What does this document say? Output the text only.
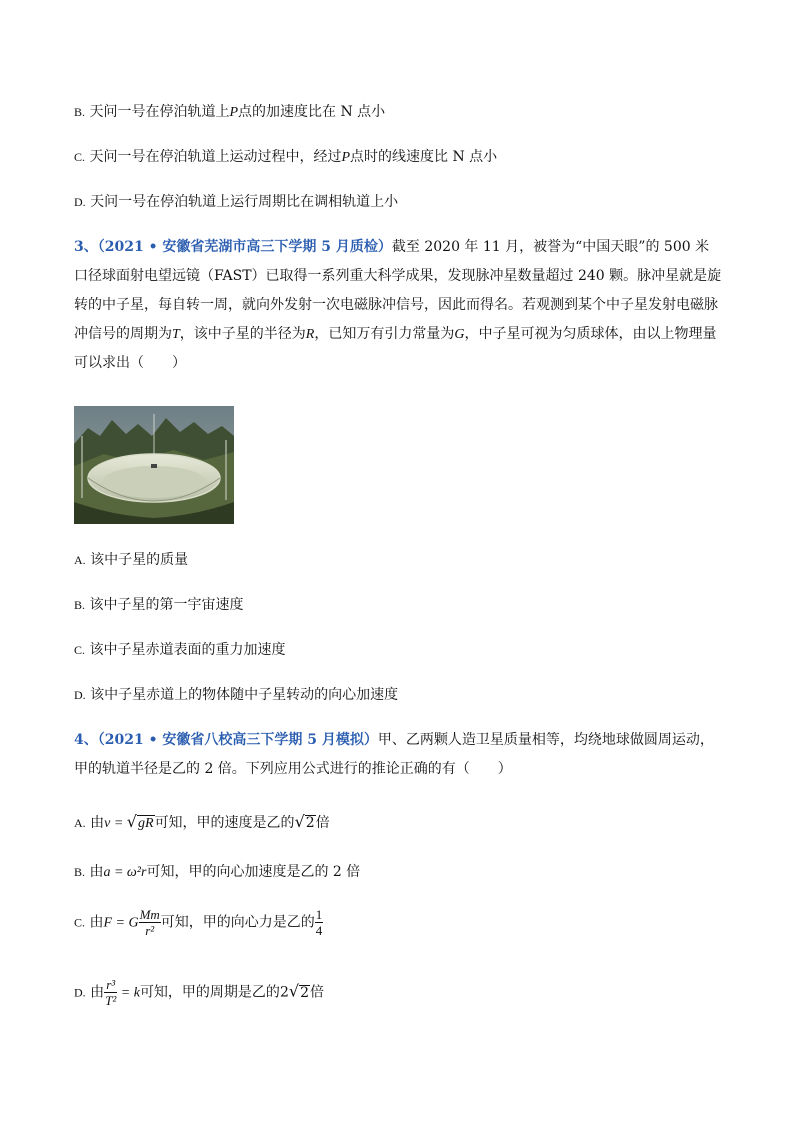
B. 天问一号在停泊轨道上P点的加速度比在 N 点小
C. 天问一号在停泊轨道上运动过程中，经过P点时的线速度比 N 点小
D. 天问一号在停泊轨道上运行周期比在调相轨道上小
3、（2021 • 安徽省芜湖市高三下学期 5 月质检）截至 2020 年 11 月，被誉为“中国天眼”的 500 米口径球面射电望远镜（FAST）已取得一系列重大科学成果，发现脉冲星数量超过 240 颗。脉冲星就是旋转的中子星，每自转一周，就向外发射一次电磁脉冲信号，因此而得名。若观测到某个中子星发射电磁脉冲信号的周期为T，该中子星的半径为R，已知万有引力常量为G，中子星可视为匀质球体，由以上物理量可以求出（　　）
A. 该中子星的质量
B. 该中子星的第一宇宙速度
C. 该中子星赤道表面的重力加速度
D. 该中子星赤道上的物体随中子星转动的向心加速度
4、（2021 • 安徽省八校高三下学期 5 月模拟）甲、乙两颗人造卫星质量相等，均绕地球做圆周运动，甲的轨道半径是乙的 2 倍。下列应用公式进行的推论正确的有（　　）
A. 由v = √gR可知，甲的速度是乙的√2倍
B. 由a = ω²r可知，甲的向心加速度是乙的 2 倍
C. 由F = G $\frac{Mm}{\text{r²}}$ 可知，甲的向心力是乙的 $\frac{1}{4}$
D. 由 $\frac{\text{r³}}{\text{T²}} = k$可知，甲的周期是乙的2√2倍
